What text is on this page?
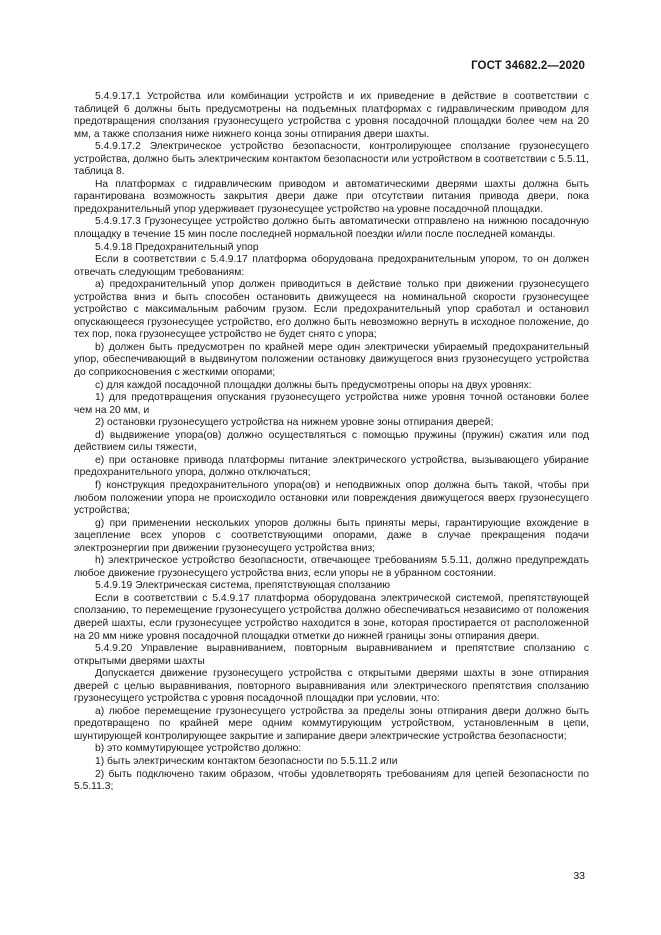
ГОСТ 34682.2—2020

5.4.9.17.1 Устройства или комбинации устройств и их приведение в действие в соответствии с таблицей 6 должны быть предусмотрены на подъемных платформах с гидравлическим приводом для предотвращения сползания грузонесущего устройства с уровня посадочной площадки более чем на 20 мм, а также сползания ниже нижнего конца зоны отпирания двери шахты.

5.4.9.17.2 Электрическое устройство безопасности, контролирующее сползание грузонесущего устройства, должно быть электрическим контактом безопасности или устройством в соответствии с 5.5.11, таблица 8.

На платформах с гидравлическим приводом и автоматическими дверями шахты должна быть гарантирована возможность закрытия двери даже при отсутствии питания привода двери, пока предохранительный упор удерживает грузонесущее устройство на уровне посадочной площадки.

5.4.9.17.3 Грузонесущее устройство должно быть автоматически отправлено на нижнюю посадочную площадку в течение 15 мин после последней нормальной поездки и/или после последней команды.

5.4.9.18 Предохранительный упор

Если в соответствии с 5.4.9.17 платформа оборудована предохранительным упором, то он должен отвечать следующим требованиям:

а) предохранительный упор должен приводиться в действие только при движении грузонесущего устройства вниз и быть способен остановить движущееся на номинальной скорости грузонесущее устройство с максимальным рабочим грузом. Если предохранительный упор сработал и остановил опускающееся грузонесущее устройство, его должно быть невозможно вернуть в исходное положение, до тех пор, пока грузонесущее устройство не будет снято с упора;

b) должен быть предусмотрен по крайней мере один электрически убираемый предохранительный упор, обеспечивающий в выдвинутом положении остановку движущегося вниз грузонесущего устройства до соприкосновения с жесткими опорами;

с) для каждой посадочной площадки должны быть предусмотрены опоры на двух уровнях:

1) для предотвращения опускания грузонесущего устройства ниже уровня точной остановки более чем на 20 мм, и

2) остановки грузонесущего устройства на нижнем уровне зоны отпирания дверей;

d) выдвижение упора(ов) должно осуществляться с помощью пружины (пружин) сжатия или под действием силы тяжести,

е) при остановке привода платформы питание электрического устройства, вызывающего убирание предохранительного упора, должно отключаться;

f) конструкция предохранительного упора(ов) и неподвижных опор должна быть такой, чтобы при любом положении упора не происходило остановки или повреждения движущегося вверх грузонесущего устройства;

g) при применении нескольких упоров должны быть приняты меры, гарантирующие вхождение в зацепление всех упоров с соответствующими опорами, даже в случае прекращения подачи электроэнергии при движении грузонесущего устройства вниз;

h) электрическое устройство безопасности, отвечающее требованиям 5.5.11, должно предупреждать любое движение грузонесущего устройства вниз, если упоры не в убранном состоянии.

5.4.9.19 Электрическая система, препятствующая сползанию

Если в соответствии с 5.4.9.17 платформа оборудована электрической системой, препятствующей сползанию, то перемещение грузонесущего устройства должно обеспечиваться независимо от положения дверей шахты, если грузонесущее устройство находится в зоне, которая простирается от расположенной на 20 мм ниже уровня посадочной площадки отметки до нижней границы зоны отпирания двери.

5.4.9.20 Управление выравниванием, повторным выравниванием и препятствие сползанию с открытыми дверями шахты

Допускается движение грузонесущего устройства с открытыми дверями шахты в зоне отпирания дверей с целью выравнивания, повторного выравнивания или электрического препятствия сползанию грузонесущего устройства с уровня посадочной площадки при условии, что:

а) любое перемещение грузонесущего устройства за пределы зоны отпирания двери должно быть предотвращено по крайней мере одним коммутирующим устройством, установленным в цепи, шунтирующей контролирующее закрытие и запирание двери электрические устройства безопасности;

b) это коммутирующее устройство должно:

1) быть электрическим контактом безопасности по 5.5.11.2 или

2) быть подключено таким образом, чтобы удовлетворять требованиям для цепей безопасности по 5.5.11.3;

33
